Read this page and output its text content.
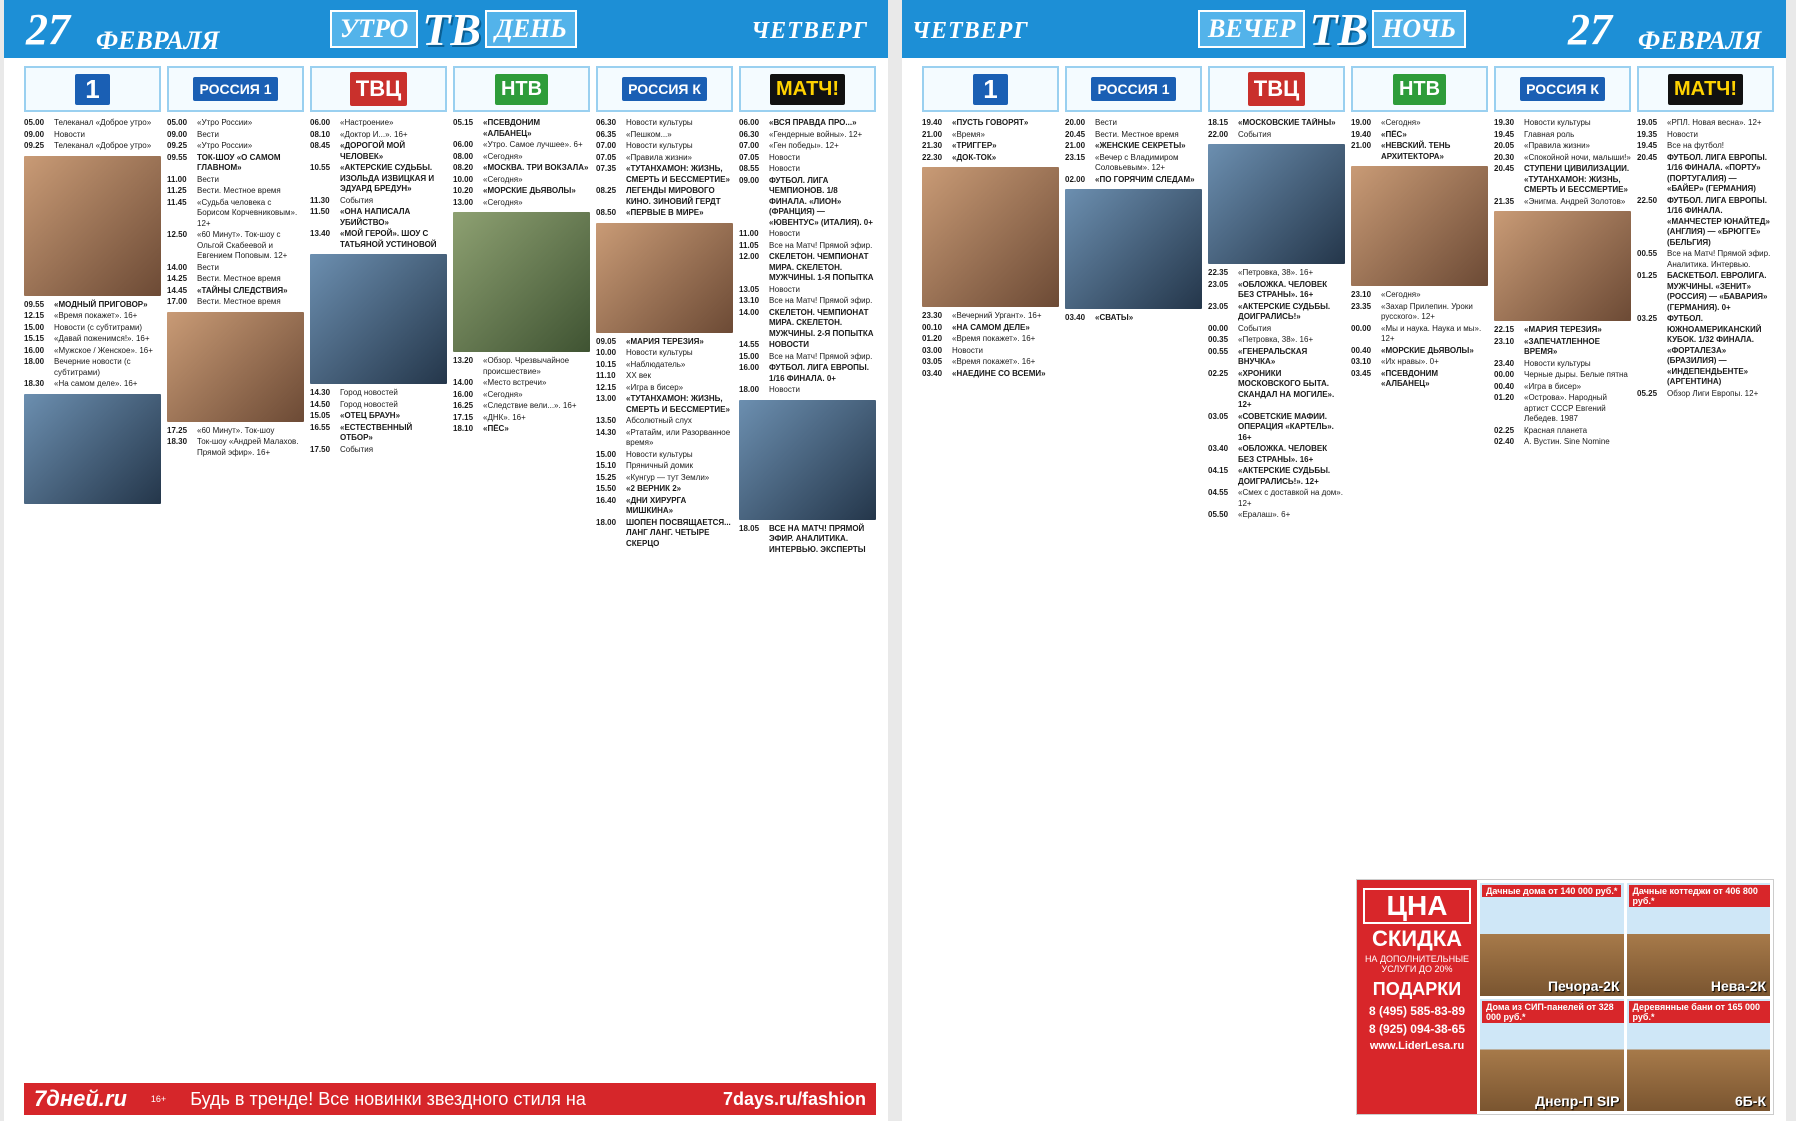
27 ФЕВРАЛЯ	УТРО ТВ ДЕНЬ	ЧЕТВЕРГ
1
05.00	Телеканал «Доброе утро»
09.00	Новости
09.25	Телеканал «Доброе утро»
09.55	«МОДНЫЙ ПРИГОВОР»
12.15	«Время покажет». 16+
15.00	Новости (с субтитрами)
15.15	«Давай поженимся!». 16+
16.00	«Мужское / Женское». 16+
18.00	Вечерние новости (с субтитрами)
18.30	«На самом деле». 16+
РОССИЯ 1
05.00	«Утро России»
09.00	Вести
09.25	«Утро России»
09.55	ТОК-ШОУ «О САМОМ ГЛАВНОМ»
11.00	Вести
11.25	Вести. Местное время
11.45	«Судьба человека с Борисом Корчевниковым». 12+
12.50	«60 Минут». Ток-шоу с Ольгой Скабеевой и Евгением Поповым. 12+
14.00	Вести
14.25	Вести. Местное время
14.45	«ТАЙНЫ СЛЕДСТВИЯ»
17.00	Вести. Местное время
17.25	«60 Минут». Ток-шоу
18.30	Ток-шоу «Андрей Малахов. Прямой эфир». 16+
ТВЦ
06.00	«Настроение»
08.10	«Доктор И...». 16+
08.45	«ДОРОГОЙ МОЙ ЧЕЛОВЕК»
10.55	«АКТЕРСКИЕ СУДЬБЫ. ИЗОЛЬДА ИЗВИЦКАЯ И ЭДУАРД БРЕДУН»
11.30	События
11.50	«ОНА НАПИСАЛА УБИЙСТВО»
13.40	«МОЙ ГЕРОЙ». ШОУ С ТАТЬЯНОЙ УСТИНОВОЙ
14.30	Город новостей
14.50	Город новостей
15.05	«ОТЕЦ БРАУН»
16.55	«ЕСТЕСТВЕННЫЙ ОТБОР»
17.50	События
НТВ
05.15	«ПСЕВДОНИМ «АЛБАНЕЦ»
06.00	«Утро. Самое лучшее». 6+
08.00	«Сегодня»
08.20	«МОСКВА. ТРИ ВОКЗАЛА»
10.00	«Сегодня»
10.20	«МОРСКИЕ ДЬЯВОЛЫ»
13.00	«Сегодня»
13.20	«Обзор. Чрезвычайное происшествие»
14.00	«Место встречи»
16.00	«Сегодня»
16.25	«Следствие вели...». 16+
17.15	«ДНК». 16+
18.10	«ПЁС»
РОССИЯ К
06.30	Новости культуры
06.35	«Пешком...»
07.00	Новости культуры
07.05	«Правила жизни»
07.35	«ТУТАНХАМОН: ЖИЗНЬ, СМЕРТЬ И БЕССМЕРТИЕ»
08.25	ЛЕГЕНДЫ МИРОВОГО КИНО. ЗИНОВИЙ ГЕРДТ
08.50	«ПЕРВЫЕ В МИРЕ»
09.05	«МАРИЯ ТЕРЕЗИЯ»
10.00	Новости культуры
10.15	«Наблюдатель»
11.10	XX век
12.15	«Игра в бисер»
13.00	«ТУТАНХАМОН: ЖИЗНЬ, СМЕРТЬ И БЕССМЕРТИЕ»
13.50	Абсолютный слух
14.30	«Ртатайм, или Разорванное время»
15.00	Новости культуры
15.10	Пряничный домик
15.25	«Кунгур — тут Земли»
15.50	«2 ВЕРНИК 2»
16.40	«ДНИ ХИРУРГА МИШКИНА»
18.00	ШОПЕН ПОСВЯЩАЕТСЯ... ЛАНГ ЛАНГ. ЧЕТЫРЕ СКЕРЦО
МАТЧ!
06.00	«ВСЯ ПРАВДА ПРО...»
06.30	«Гендерные войны». 12+
07.00	«Ген победы». 12+
07.05	Новости
08.55	Новости
09.00	ФУТБОЛ. ЛИГА ЧЕМПИОНОВ. 1/8 ФИНАЛА. «ЛИОН» (ФРАНЦИЯ) — «ЮВЕНТУС» (ИТАЛИЯ). 0+
11.00	Новости
11.05	Все на Матч! Прямой эфир.
12.00	СКЕЛЕТОН. ЧЕМПИОНАТ МИРА. СКЕЛЕТОН. МУЖЧИНЫ. 1-Я ПОПЫТКА
13.05	Новости
13.10	Все на Матч! Прямой эфир.
14.00	СКЕЛЕТОН. ЧЕМПИОНАТ МИРА. СКЕЛЕТОН. МУЖЧИНЫ. 2-Я ПОПЫТКА
14.55	НОВОСТИ
15.00	Все на Матч! Прямой эфир.
16.00	ФУТБОЛ. ЛИГА ЕВРОПЫ. 1/16 ФИНАЛА. 0+
18.00	Новости
18.05	ВСЕ НА МАТЧ! ПРЯМОЙ ЭФИР. АНАЛИТИКА. ИНТЕРВЬЮ. ЭКСПЕРТЫ
7дней.ru	16+ Будь в тренде! Все новинки звездного стиля на	7days.ru/fashion
ЧЕТВЕРГ	ВЕЧЕР ТВ НОЧЬ	27 ФЕВРАЛЯ
1
19.40	«ПУСТЬ ГОВОРЯТ»
21.00	«Время»
21.30	«ТРИГГЕР»
22.30	«ДОК-ТОК»
23.30	«Вечерний Ургант». 16+
00.10	«НА САМОМ ДЕЛЕ»
01.20	«Время покажет». 16+
03.00	Новости
03.05	«Время покажет». 16+
03.40	«НАЕДИНЕ СО ВСЕМИ»
РОССИЯ 1
20.00	Вести
20.45	Вести. Местное время
21.00	«ЖЕНСКИЕ СЕКРЕТЫ»
23.15	«Вечер с Владимиром Соловьевым». 12+
02.00	«ПО ГОРЯЧИМ СЛЕДАМ»
03.40	«СВАТЫ»
ТВЦ
18.15	«МОСКОВСКИЕ ТАЙНЫ»
22.00	События
22.35	«Петровка, 38». 16+
23.05	«ОБЛОЖКА. ЧЕЛОВЕК БЕЗ СТРАНЫ». 16+
23.05	«АКТЕРСКИЕ СУДЬБЫ. ДОИГРАЛИСЬ!»
00.00	События
00.35	«Петровка, 38». 16+
00.55	«ГЕНЕРАЛЬСКАЯ ВНУЧКА»
02.25	«ХРОНИКИ МОСКОВСКОГО БЫТА. СКАНДАЛ НА МОГИЛЕ». 12+
03.05	«СОВЕТСКИЕ МАФИИ. ОПЕРАЦИЯ «КАРТЕЛЬ». 16+
03.40	«ОБЛОЖКА. ЧЕЛОВЕК БЕЗ СТРАНЫ». 16+
04.15	«АКТЕРСКИЕ СУДЬБЫ. ДОИГРАЛИСЬ!». 12+
04.55	«Смех с доставкой на дом». 12+
05.50	«Ералаш». 6+
НТВ
19.00	«Сегодня»
19.40	«ПЁС»
21.00	«НЕВСКИЙ. ТЕНЬ АРХИТЕКТОРА»
23.10	«Сегодня»
23.35	«Захар Прилепин. Уроки русского». 12+
00.00	«Мы и наука. Наука и мы». 12+
00.40	«МОРСКИЕ ДЬЯВОЛЫ»
03.10	«Их нравы». 0+
03.45	«ПСЕВДОНИМ «АЛБАНЕЦ»
РОССИЯ К
19.30	Новости культуры
19.45	Главная роль
20.05	«Правила жизни»
20.30	«Спокойной ночи, малыши!»
20.45	СТУПЕНИ ЦИВИЛИЗАЦИИ. «ТУТАНХАМОН: ЖИЗНЬ, СМЕРТЬ И БЕССМЕРТИЕ»
21.35	«Энигма. Андрей Золотов»
22.15	«МАРИЯ ТЕРЕЗИЯ»
23.10	«ЗАПЕЧАТЛЕННОЕ ВРЕМЯ»
23.40	Новости культуры
00.00	Черные дыры. Белые пятна
00.40	«Игра в бисер»
01.20	«Острова». Народный артист СССР Евгений Лебедев. 1987
02.25	Красная планета
02.40	А. Вустин. Sine Nomine
МАТЧ!
19.05	«РПЛ. Новая весна». 12+
19.35	Новости
19.45	Все на футбол!
20.45	ФУТБОЛ. ЛИГА ЕВРОПЫ. 1/16 ФИНАЛА. «ПОРТУ» (ПОРТУГАЛИЯ) — «БАЙЕР» (ГЕРМАНИЯ)
22.50	ФУТБОЛ. ЛИГА ЕВРОПЫ. 1/16 ФИНАЛА. «МАНЧЕСТЕР ЮНАЙТЕД» (АНГЛИЯ) — «БРЮГГЕ» (БЕЛЬГИЯ)
00.55	Все на Матч! Прямой эфир. Аналитика. Интервью.
01.25	БАСКЕТБОЛ. ЕВРОЛИГА. МУЖЧИНЫ. «ЗЕНИТ» (РОССИЯ) — «БАВАРИЯ» (ГЕРМАНИЯ). 0+
03.25	ФУТБОЛ. ЮЖНОАМЕРИКАНСКИЙ КУБОК. 1/32 ФИНАЛА. «ФОРТАЛЕЗА» (БРАЗИЛИЯ) — «ИНДЕПЕНДЬЕНТЕ» (АРГЕНТИНА)
05.25	Обзор Лиги Европы. 12+
ЦНА
СКИДКА
НА ДОПОЛНИТЕЛЬНЫЕ УСЛУГИ ДО 20%
ПОДАРКИ
8 (495) 585-83-89
8 (925) 094-38-65
www.LiderLesa.ru
Дачные дома от 140 000 руб.*
Печора-2К
Дачные коттеджи от 406 800 руб.*
Нева-2К
Дома из СИП-панелей от 328 000 руб.*
Днепр-П SIP
Деревянные бани от 165 000 руб.*
6Б-К
